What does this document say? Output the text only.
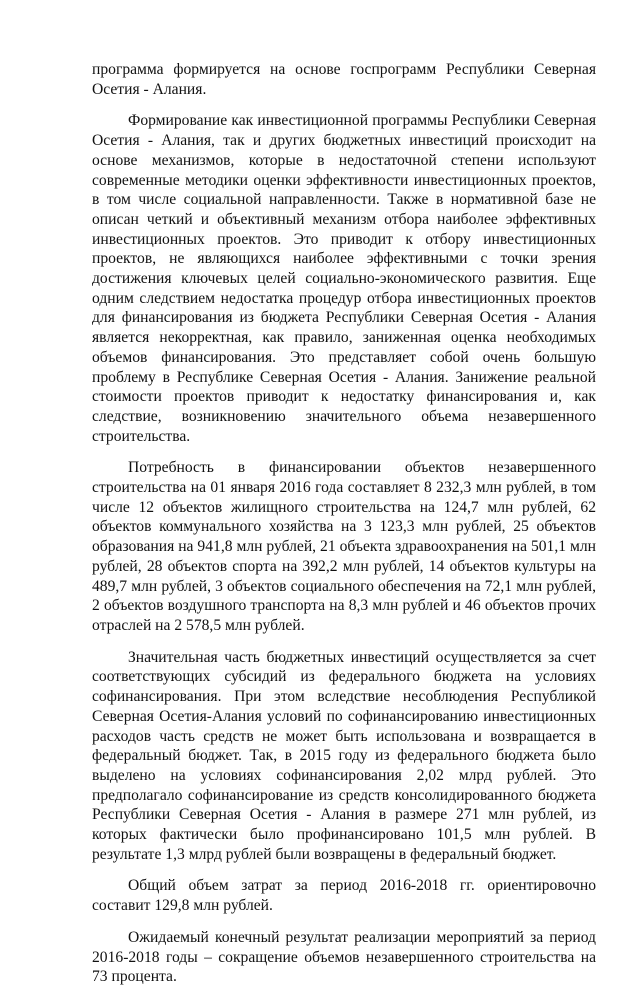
программа формируется на основе госпрограмм Республики Северная Осетия - Алания.

Формирование как инвестиционной программы Республики Северная Осетия - Алания, так и других бюджетных инвестиций происходит на основе механизмов, которые в недостаточной степени используют современные методики оценки эффективности инвестиционных проектов, в том числе социальной направленности. Также в нормативной базе не описан четкий и объективный механизм отбора наиболее эффективных инвестиционных проектов. Это приводит к отбору инвестиционных проектов, не являющихся наиболее эффективными с точки зрения достижения ключевых целей социально-экономического развития. Еще одним следствием недостатка процедур отбора инвестиционных проектов для финансирования из бюджета Республики Северная Осетия - Алания является некорректная, как правило, заниженная оценка необходимых объемов финансирования. Это представляет собой очень большую проблему в Республике Северная Осетия - Алания. Занижение реальной стоимости проектов приводит к недостатку финансирования и, как следствие, возникновению значительного объема незавершенного строительства.

Потребность в финансировании объектов незавершенного строительства на 01 января 2016 года составляет 8 232,3 млн рублей, в том числе 12 объектов жилищного строительства на 124,7 млн рублей, 62 объектов коммунального хозяйства на 3 123,3 млн рублей, 25 объектов образования на 941,8 млн рублей, 21 объекта здравоохранения на 501,1 млн рублей, 28 объектов спорта на 392,2 млн рублей, 14 объектов культуры на 489,7 млн рублей, 3 объектов социального обеспечения на 72,1 млн рублей, 2 объектов воздушного транспорта на 8,3 млн рублей и 46 объектов прочих отраслей на 2 578,5 млн рублей.

Значительная часть бюджетных инвестиций осуществляется за счет соответствующих субсидий из федерального бюджета на условиях софинансирования. При этом вследствие несоблюдения Республикой Северная Осетия-Алания условий по софинансированию инвестиционных расходов часть средств не может быть использована и возвращается в федеральный бюджет. Так, в 2015 году из федерального бюджета было выделено на условиях софинансирования 2,02 млрд рублей. Это предполагало софинансирование из средств консолидированного бюджета Республики Северная Осетия - Алания в размере 271 млн рублей, из которых фактически было профинансировано 101,5 млн рублей. В результате 1,3 млрд рублей были возвращены в федеральный бюджет.

Общий объем затрат за период 2016-2018 гг. ориентировочно составит 129,8 млн рублей.

Ожидаемый конечный результат реализации мероприятий за период 2016-2018 годы – сокращение объемов незавершенного строительства на 73 процента.
